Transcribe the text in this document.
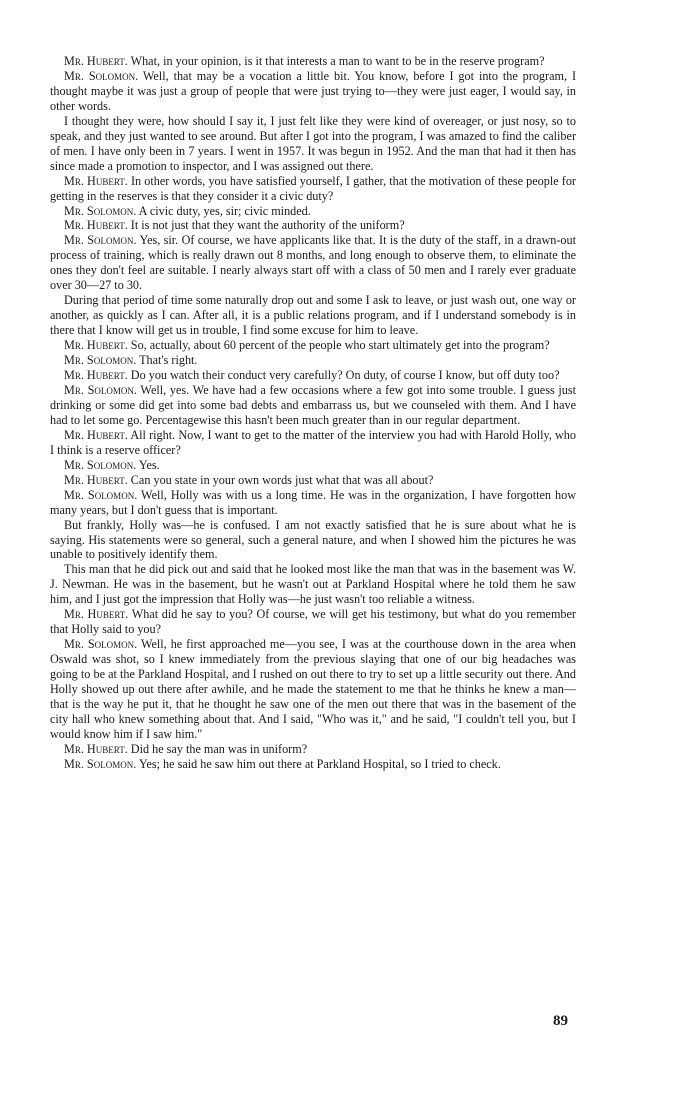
Mr. Hubert. What, in your opinion, is it that interests a man to want to be in the reserve program?

Mr. Solomon. Well, that may be a vocation a little bit. You know, before I got into the program, I thought maybe it was just a group of people that were just trying to—they were just eager, I would say, in other words.

I thought they were, how should I say it, I just felt like they were kind of overeager, or just nosy, so to speak, and they just wanted to see around. But after I got into the program, I was amazed to find the caliber of men. I have only been in 7 years. I went in 1957. It was begun in 1952. And the man that had it then has since made a promotion to inspector, and I was assigned out there.

Mr. Hubert. In other words, you have satisfied yourself, I gather, that the motivation of these people for getting in the reserves is that they consider it a civic duty?

Mr. Solomon. A civic duty, yes, sir; civic minded.

Mr. Hubert. It is not just that they want the authority of the uniform?

Mr. Solomon. Yes, sir. Of course, we have applicants like that. It is the duty of the staff, in a drawn-out process of training, which is really drawn out 8 months, and long enough to observe them, to eliminate the ones they don't feel are suitable. I nearly always start off with a class of 50 men and I rarely ever graduate over 30—27 to 30.

During that period of time some naturally drop out and some I ask to leave, or just wash out, one way or another, as quickly as I can. After all, it is a public relations program, and if I understand somebody is in there that I know will get us in trouble, I find some excuse for him to leave.

Mr. Hubert. So, actually, about 60 percent of the people who start ultimately get into the program?

Mr. Solomon. That's right.

Mr. Hubert. Do you watch their conduct very carefully? On duty, of course I know, but off duty too?

Mr. Solomon. Well, yes. We have had a few occasions where a few got into some trouble. I guess just drinking or some did get into some bad debts and embarrass us, but we counseled with them. And I have had to let some go. Percentagewise this hasn't been much greater than in our regular department.

Mr. Hubert. All right. Now, I want to get to the matter of the interview you had with Harold Holly, who I think is a reserve officer?

Mr. Solomon. Yes.

Mr. Hubert. Can you state in your own words just what that was all about?

Mr. Solomon. Well, Holly was with us a long time. He was in the organization, I have forgotten how many years, but I don't guess that is important.

But frankly, Holly was—he is confused. I am not exactly satisfied that he is sure about what he is saying. His statements were so general, such a general nature, and when I showed him the pictures he was unable to positively identify them.

This man that he did pick out and said that he looked most like the man that was in the basement was W. J. Newman. He was in the basement, but he wasn't out at Parkland Hospital where he told them he saw him, and I just got the impression that Holly was—he just wasn't too reliable a witness.

Mr. Hubert. What did he say to you? Of course, we will get his testimony, but what do you remember that Holly said to you?

Mr. Solomon. Well, he first approached me—you see, I was at the courthouse down in the area when Oswald was shot, so I knew immediately from the previous slaying that one of our big headaches was going to be at the Parkland Hospital, and I rushed on out there to try to set up a little security out there. And Holly showed up out there after awhile, and he made the statement to me that he thinks he knew a man—that is the way he put it, that he thought he saw one of the men out there that was in the basement of the city hall who knew something about that. And I said, "Who was it," and he said, "I couldn't tell you, but I would know him if I saw him."

Mr. Hubert. Did he say the man was in uniform?

Mr. Solomon. Yes; he said he saw him out there at Parkland Hospital, so I tried to check.

89
